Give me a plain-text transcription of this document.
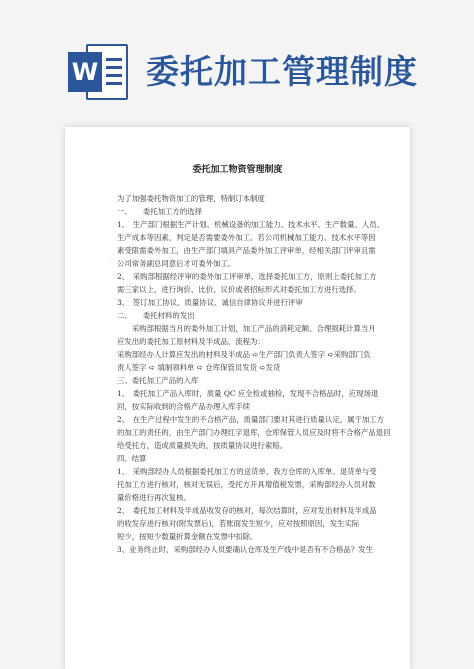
W 委托加工管理制度
─────
─────
委托加工物资管理制度
为了加强委托物资加工的管理，特制订本制度
一、　　委托加工方的选择
1、　生产部门根据生产计划、机械设备的加工能力、技术水平、生产数量、人员、
生产成本等因素，判定是否需要委外加工。若公司机械加工能力、技术水平等因
素受限需委外加工，由生产部门填具产品委外加工评审单，经相关部门评审且需
公司常务副总同意后才可委外加工。
2、　采购部根据经评审的委外加工评审单，选择委托加工方，原则上委托加工方
需三家以上，进行询价、比价、议价或者招标形式对委托加工方进行选择。
3、　签订加工协议、质量协议、诚信自律协议并进行评审
二、　　委托材料的发出
　　采购部根据当月的委外加工计划，加工产品的消耗定额、合理损耗计算当月
应发出的委托加工原材料及半成品，流程为：
采购部经办人计算应发出的材料及半成品 ➪生产部门负责人签字 ➪采购部门负
责人签字 ➪ 填制领料单 ➪ 仓库保管员发货 ➪发货
三、委托加工产品的入库
1、　委托加工产品入库时，质量 QC 应全检或抽检，发现不合格品时，应现场退
回，按实际收到的合格产品办理入库手续
2、　在生产过程中发生的不合格产品，质量部门要对其进行质量认定，属于加工方
的加工的责任的，由生产部门办理红字退库，仓库保管人员应及时将不合格产品退回
给受托方，造成质量损失的，按质量协议进行索赔。
四、结算
1、　采购部经办人员根据委托加工方的送货单、我方仓库的入库单、退货单与受
托加工方进行核对，核对无误后，受托方开具增值税发票，采购部经办人员对数
量价格进行再次复核。
2、　委托加工材料及半成品收发存的核对，每次结算时，应对发出材料及半成品
的收发存进行核对(附发票后)，若账面发生短少，应对按照原因，发生实际
短少，按短少数量折算金额在发票中扣除。
3、业务终止时，采购部经办人员要确认仓库及生产线中是否有不合格品？发生
